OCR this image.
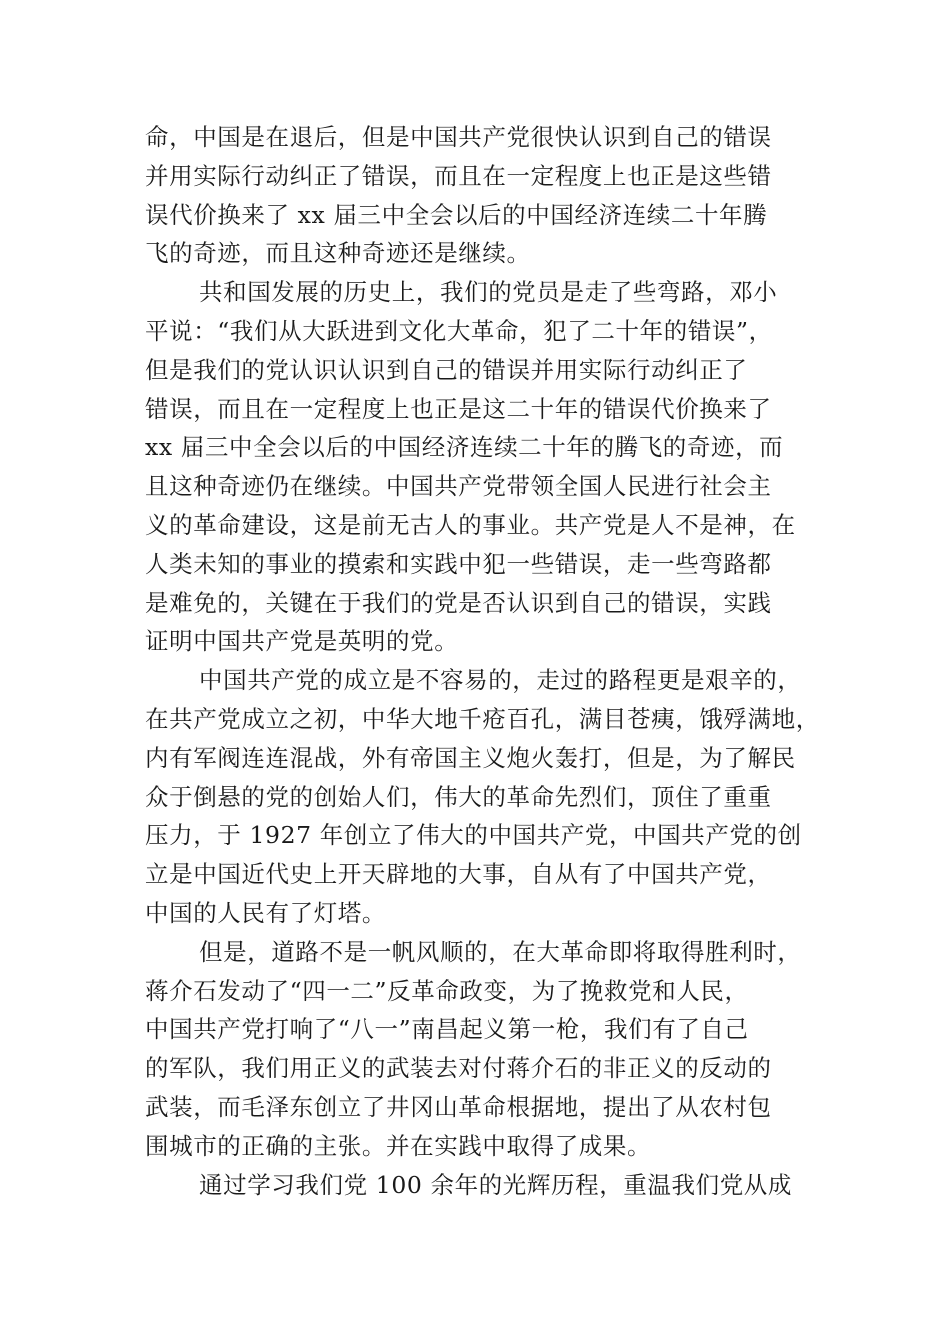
命，中国是在退后，但是中国共产党很快认识到自己的错误
并用实际行动纠正了错误，而且在一定程度上也正是这些错
误代价换来了 xx 届三中全会以后的中国经济连续二十年腾
飞的奇迹，而且这种奇迹还是继续。
共和国发展的历史上，我们的党员是走了些弯路，邓小
平说：“我们从大跃进到文化大革命，犯了二十年的错误”，
但是我们的党认识认识到自己的错误并用实际行动纠正了
错误，而且在一定程度上也正是这二十年的错误代价换来了
xx 届三中全会以后的中国经济连续二十年的腾飞的奇迹，而
且这种奇迹仍在继续。中国共产党带领全国人民进行社会主
义的革命建设，这是前无古人的事业。共产党是人不是神，在
人类未知的事业的摸索和实践中犯一些错误，走一些弯路都
是难免的，关键在于我们的党是否认识到自己的错误，实践
证明中国共产党是英明的党。
中国共产党的成立是不容易的，走过的路程更是艰辛的，
在共产党成立之初，中华大地千疮百孔，满目苍痍，饿殍满地，
内有军阀连连混战，外有帝国主义炮火轰打，但是，为了解民
众于倒悬的党的创始人们，伟大的革命先烈们，顶住了重重
压力，于 1927 年创立了伟大的中国共产党，中国共产党的创
立是中国近代史上开天辟地的大事，自从有了中国共产党，
中国的人民有了灯塔。
但是，道路不是一帆风顺的，在大革命即将取得胜利时，
蒋介石发动了“四一二”反革命政变，为了挽救党和人民，
中国共产党打响了“八一”南昌起义第一枪，我们有了自己
的军队，我们用正义的武装去对付蒋介石的非正义的反动的
武装，而毛泽东创立了井冈山革命根据地，提出了从农村包
围城市的正确的主张。并在实践中取得了成果。
通过学习我们党 100 余年的光辉历程，重温我们党从成
